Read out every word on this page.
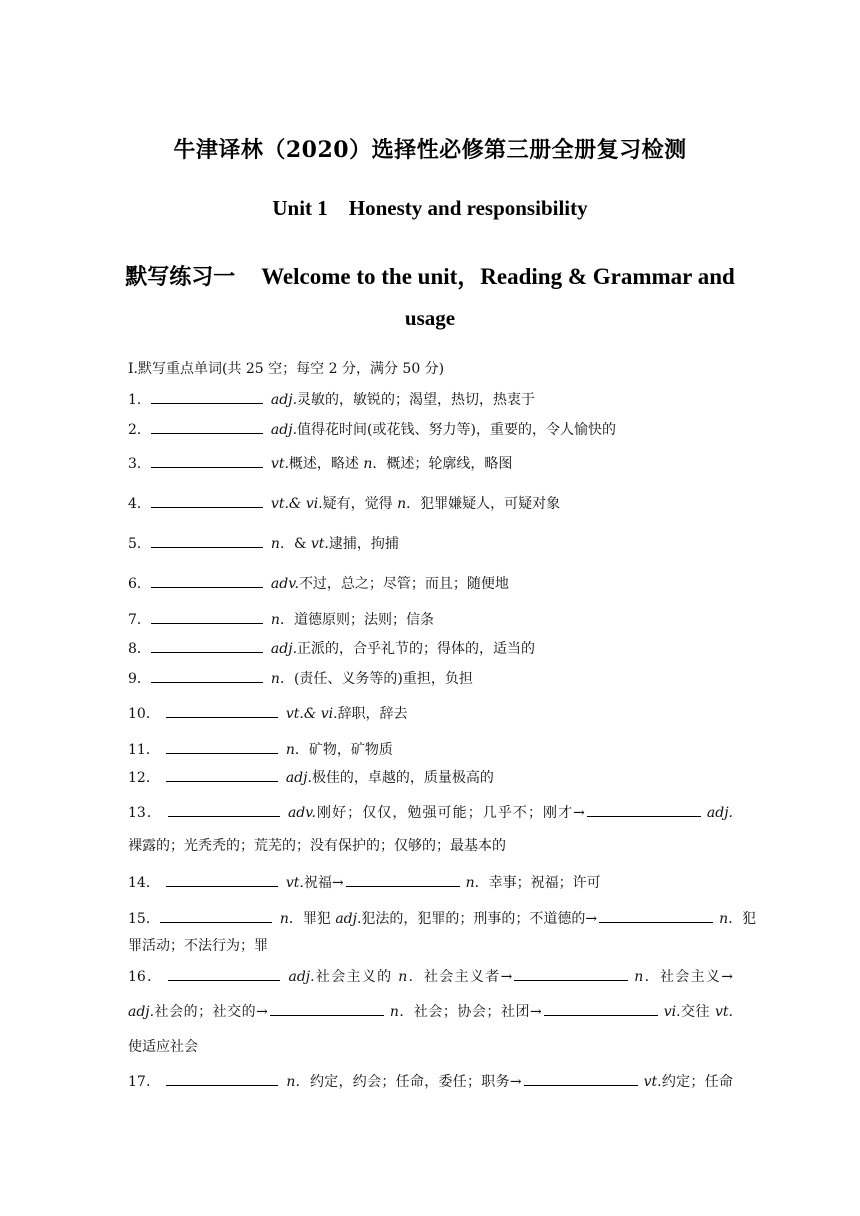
牛津译林（2020）选择性必修第三册全册复习检测
Unit 1    Honesty and responsibility
默写练习一 Welcome to the unit，Reading & Grammar and
usage
Ⅰ.默写重点单词(共 25 空；每空 2 分，满分 50 分)
1．	adj.灵敏的，敏锐的；渴望，热切，热衷于
2．	adj.值得花时间(或花钱、努力等)，重要的，令人愉快的
3．	vt.概述，略述 n．概述；轮廓线，略图
4．	vt.& vi.疑有，觉得 n．犯罪嫌疑人，可疑对象
5．	n．& vt.逮捕，拘捕
6．	adv.不过，总之；尽管；而且；随便地
7．	n．道德原则；法则；信条
8．	adj.正派的，合乎礼节的；得体的，适当的
9．	n．(责任、义务等的)重担，负担
10．	vt.& vi.辞职，辞去
11．	n．矿物，矿物质
12．	adj.极佳的，卓越的，质量极高的
13．	adv.刚好；仅仅，勉强可能；几乎不；刚才→	adj.
裸露的；光秃秃的；荒芜的；没有保护的；仅够的；最基本的
14．	vt.祝福→	n．幸事；祝福；许可
15．	n．罪犯 adj.犯法的，犯罪的；刑事的；不道德的→	n．犯
罪活动；不法行为；罪
16．	adj.社会主义的 n．社会主义者→	n．社会主义→
adj.社会的；社交的→	n．社会；协会；社团→	vi.交往 vt.
使适应社会
17．	n．约定，约会；任命，委任；职务→	vt.约定；任命
